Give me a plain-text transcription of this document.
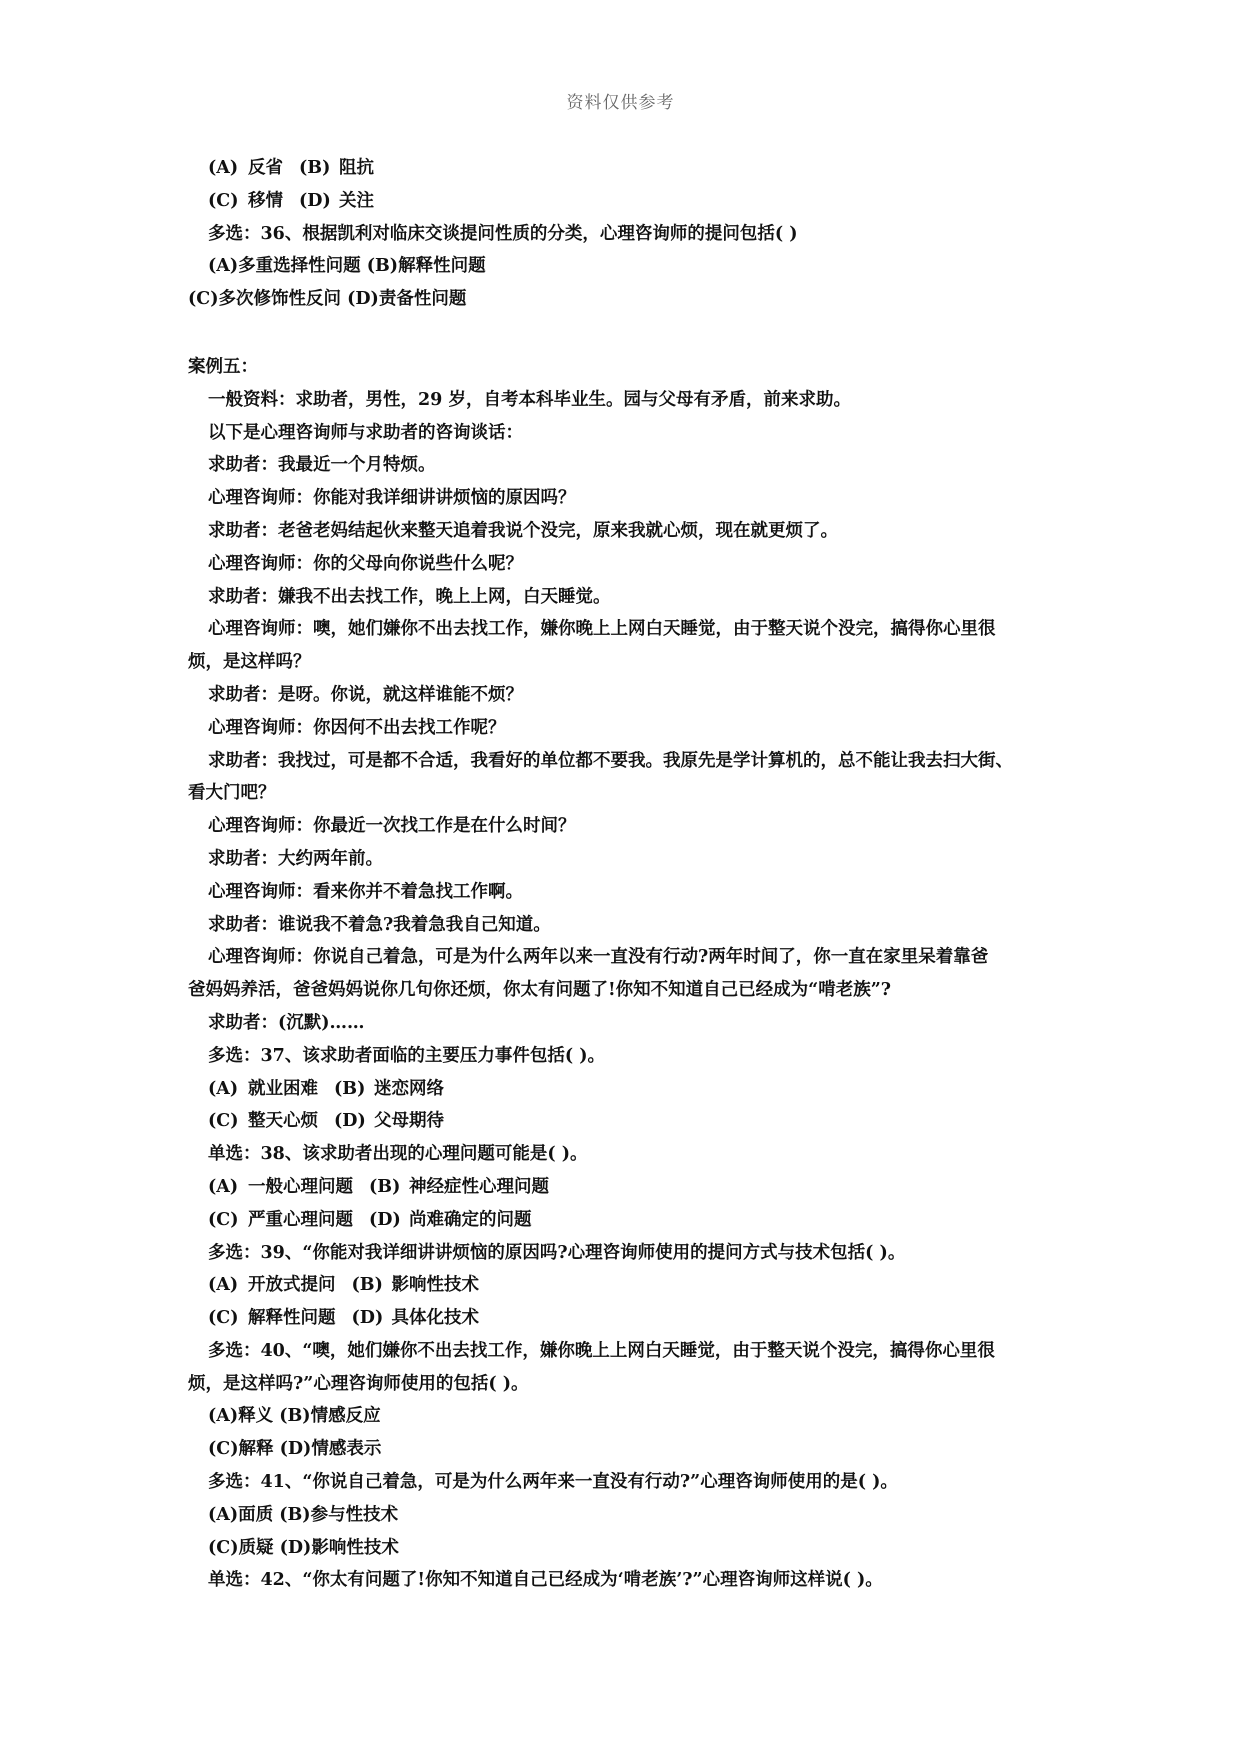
资料仅供参考
(A) 反省 (B) 阻抗
(C) 移情 (D) 关注
多选：36、根据凯利对临床交谈提问性质的分类，心理咨询师的提问包括( )
(A)多重选择性问题 (B)解释性问题
(C)多次修饰性反问 (D)责备性问题
案例五：
一般资料：求助者，男性，29 岁，自考本科毕业生。园与父母有矛盾，前来求助。
以下是心理咨询师与求助者的咨询谈话：
求助者：我最近一个月特烦。
心理咨询师：你能对我详细讲讲烦恼的原因吗？
求助者：老爸老妈结起伙来整天追着我说个没完，原来我就心烦，现在就更烦了。
心理咨询师：你的父母向你说些什么呢？
求助者：嫌我不出去找工作，晚上上网，白天睡觉。
心理咨询师：噢，她们嫌你不出去找工作，嫌你晚上上网白天睡觉，由于整天说个没完，搞得你心里很
烦，是这样吗？
求助者：是呀。你说，就这样谁能不烦？
心理咨询师：你因何不出去找工作呢？
求助者：我找过，可是都不合适，我看好的单位都不要我。我原先是学计算机的，总不能让我去扫大街、
看大门吧？
心理咨询师：你最近一次找工作是在什么时间？
求助者：大约两年前。
心理咨询师：看来你并不着急找工作啊。
求助者：谁说我不着急?我着急我自己知道。
心理咨询师：你说自己着急，可是为什么两年以来一直没有行动?两年时间了，你一直在家里呆着靠爸
爸妈妈养活，爸爸妈妈说你几句你还烦，你太有问题了!你知不知道自己已经成为“啃老族”?
求助者：(沉默)……
多选：37、该求助者面临的主要压力事件包括( )。
(A) 就业困难 (B) 迷恋网络
(C) 整天心烦 (D) 父母期待
单选：38、该求助者出现的心理问题可能是( )。
(A) 一般心理问题 (B) 神经症性心理问题
(C) 严重心理问题 (D) 尚难确定的问题
多选：39、“你能对我详细讲讲烦恼的原因吗?心理咨询师使用的提问方式与技术包括( )。
(A) 开放式提问 (B) 影响性技术
(C) 解释性问题 (D) 具体化技术
多选：40、“噢，她们嫌你不出去找工作，嫌你晚上上网白天睡觉，由于整天说个没完，搞得你心里很
烦，是这样吗?”心理咨询师使用的包括( )。
(A)释义 (B)情感反应
(C)解释 (D)情感表示
多选：41、“你说自己着急，可是为什么两年来一直没有行动?”心理咨询师使用的是( )。
(A)面质 (B)参与性技术
(C)质疑 (D)影响性技术
单选：42、“你太有问题了!你知不知道自己已经成为‘啃老族’?”心理咨询师这样说( )。
